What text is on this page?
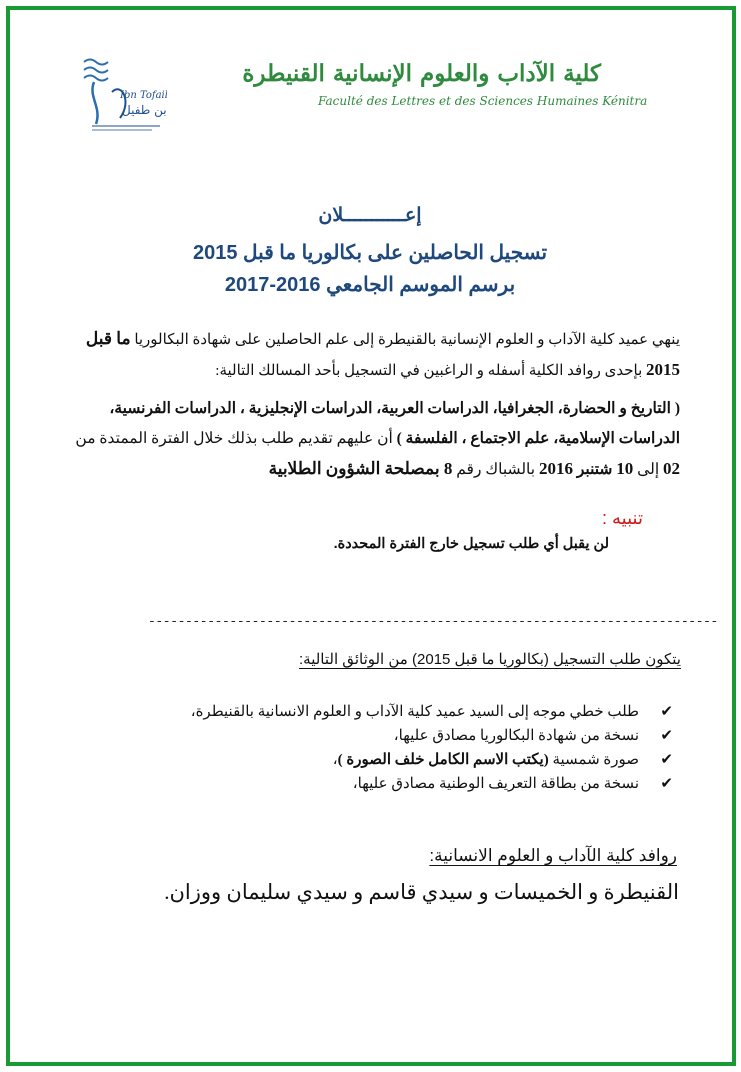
Ibn Tofail
ابن طفيل
كلية الآداب والعلوم الإنسانية القنيطرة
Faculté des Lettres et des Sciences Humaines Kénitra
إعـــــــــــلان
تسجيل الحاصلين على بكالوريا ما قبل 2015
برسم الموسم الجامعي 2016-2017
ينهي عميد كلية الآداب و العلوم الإنسانية بالقنيطرة إلى علم الحاصلين على شهادة البكالوريا ما قبل 2015 بإحدى روافد الكلية أسفله و الراغبين في التسجيل بأحد المسالك التالية:
( التاريخ و الحضارة، الجغرافيا، الدراسات العربية، الدراسات الإنجليزية ، الدراسات الفرنسية، الدراسات الإسلامية، علم الاجتماع ، الفلسفة ) أن عليهم تقديم طلب بذلك خلال الفترة الممتدة من 02 إلى 10 شتنبر 2016 بالشباك رقم 8 بمصلحة الشؤون الطلابية
تنبيه :
لن يقبل أي طلب تسجيل خارج الفترة المحددة.
-----------------------------------------------------------------------------
يتكون طلب التسجيل (بكالوريا ما قبل 2015) من الوثائق التالية:
✔طلب خطي موجه إلى السيد عميد كلية الآداب و العلوم الانسانية بالقنيطرة،
✔نسخة من شهادة البكالوريا مصادق عليها،
✔صورة شمسية (يكتب الاسم الكامل خلف الصورة )،
✔نسخة من بطاقة التعريف الوطنية مصادق عليها،
روافد كلية الآداب و العلوم الانسانية:
القنيطرة و الخميسات و سيدي قاسم و سيدي سليمان ووزان.
